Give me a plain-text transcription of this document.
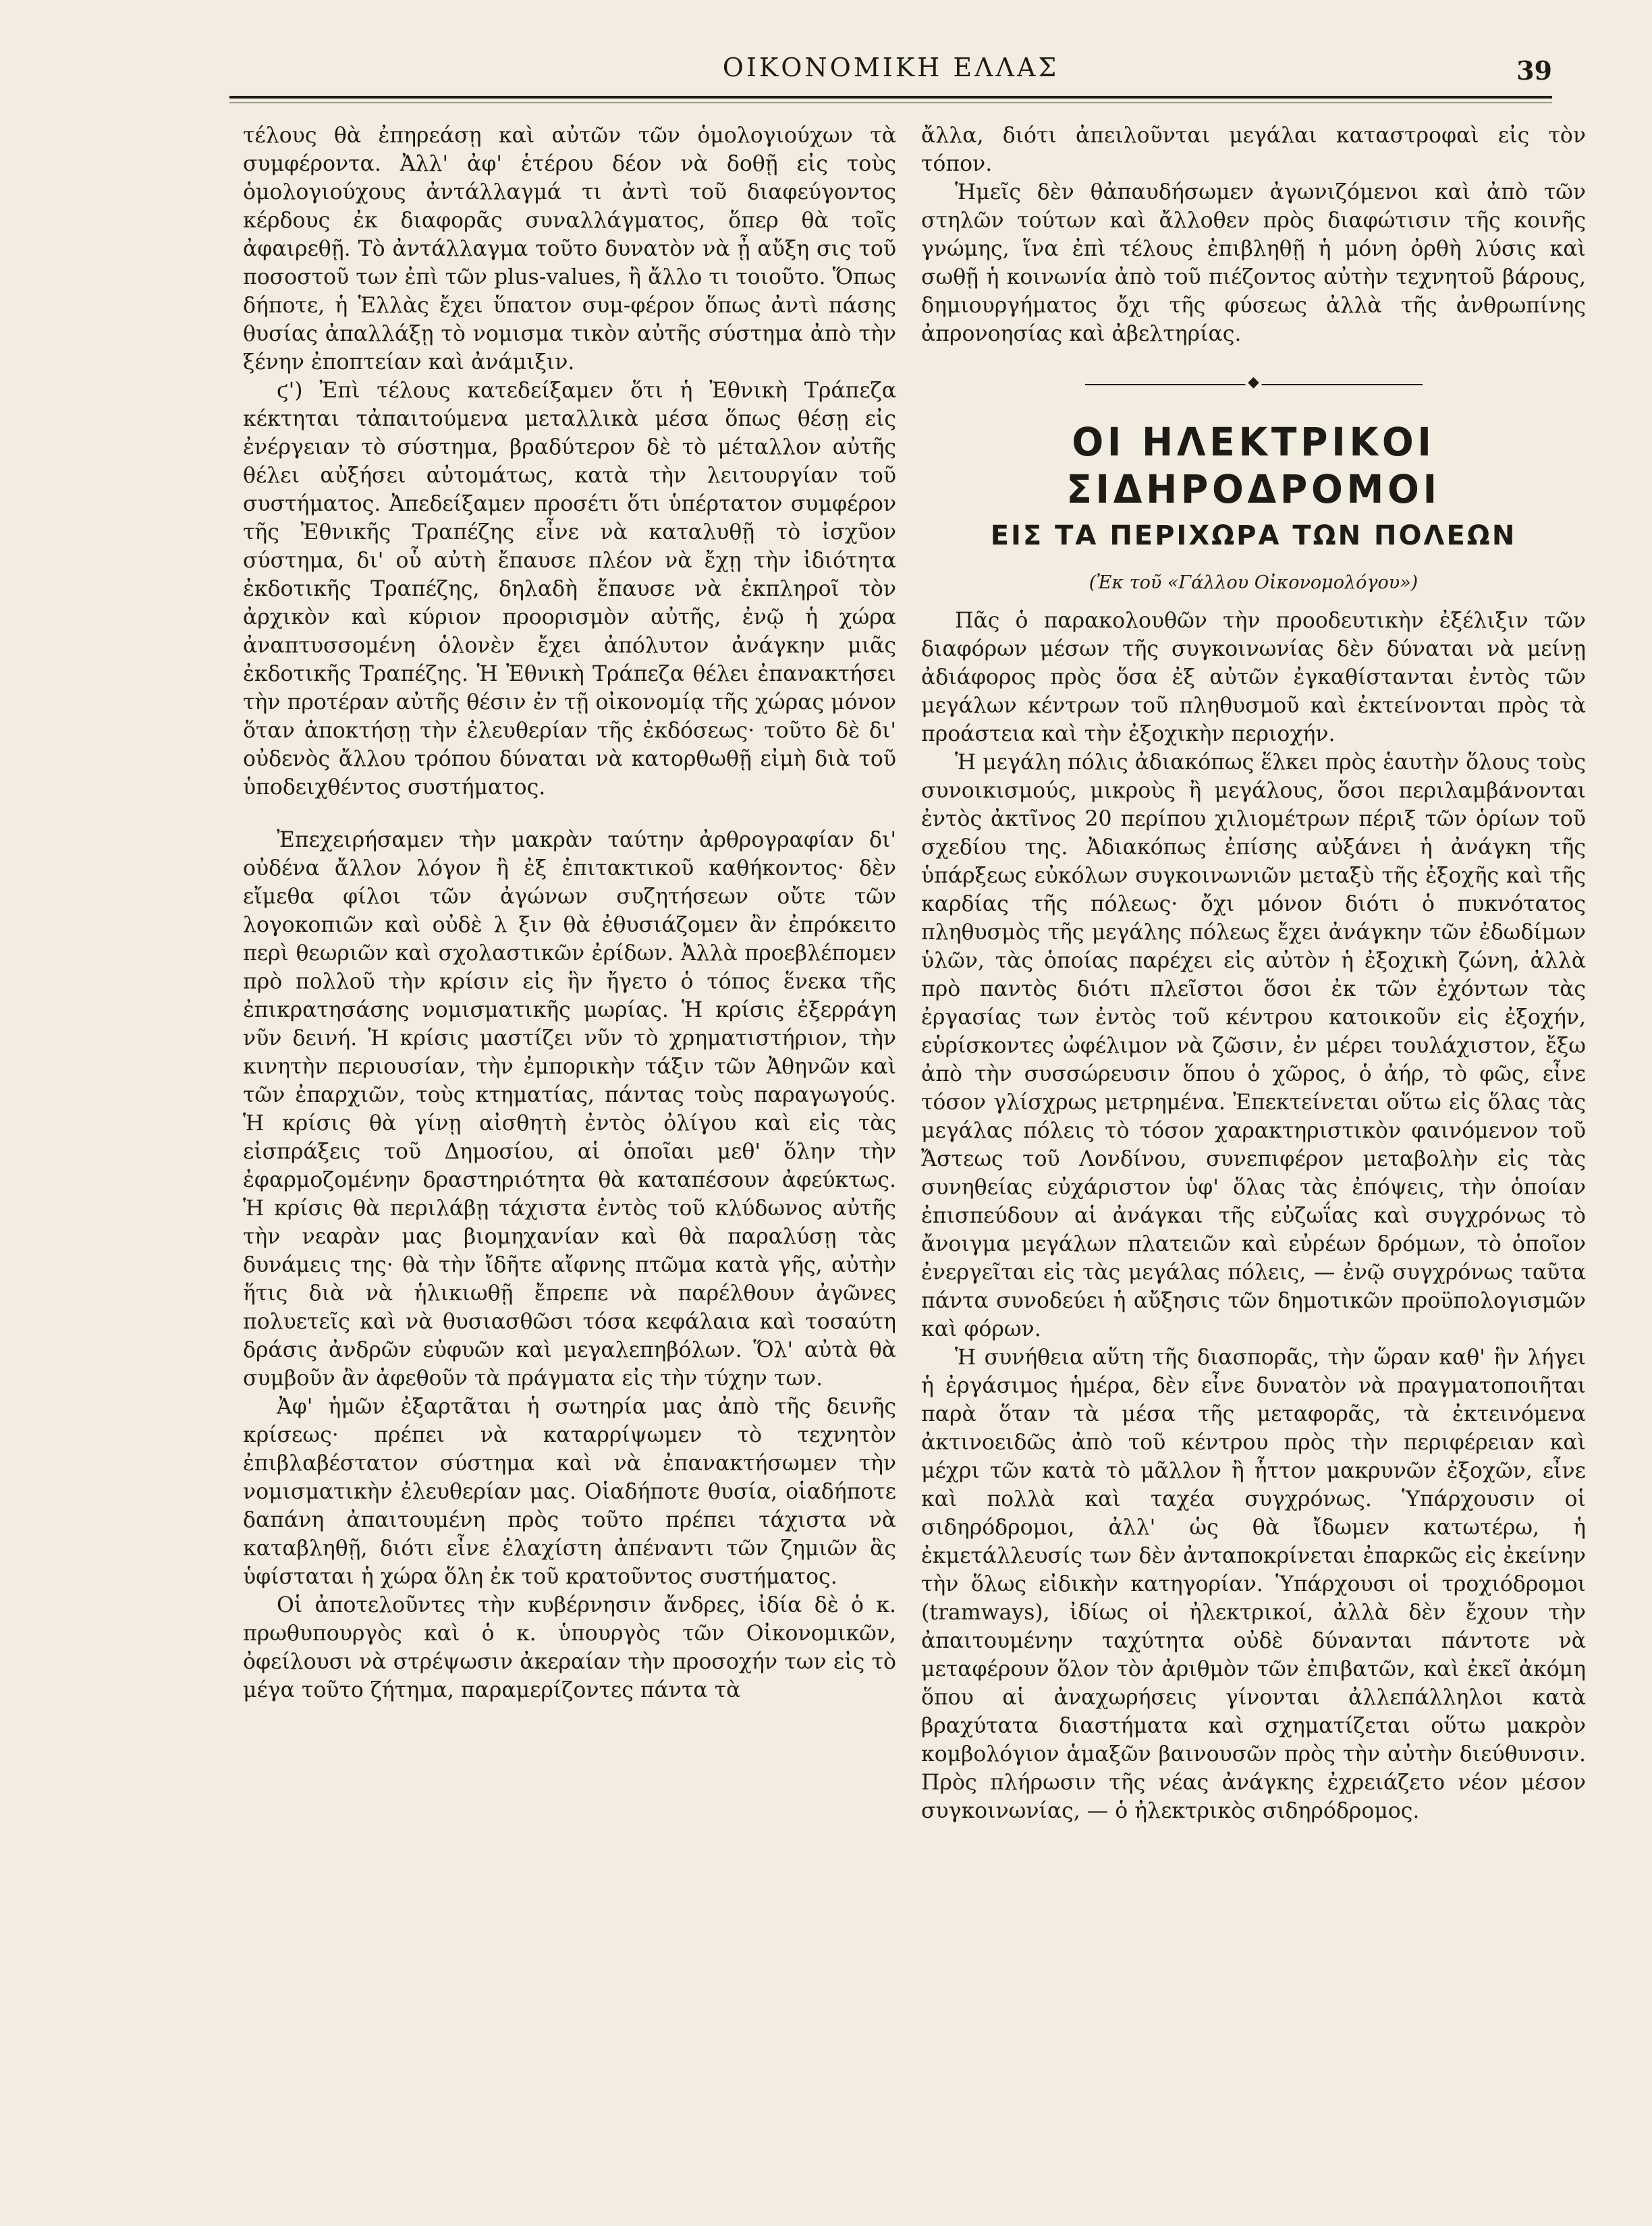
ΟΙΚΟΝΟΜΙΚΗ ΕΛΛΑΣ	39

τέλους θὰ ἐπηρεάσῃ καὶ αὐτῶν τῶν ὁμολογιούχων τὰ συμφέροντα. Ἀλλ' ἀφ' ἑτέρου δέον νὰ δοθῇ εἰς τοὺς ὁμολογιούχους ἀντάλλαγμά τι ἀντὶ τοῦ διαφεύγοντος κέρδους ἐκ διαφορᾶς συναλλάγματος, ὅπερ θὰ τοῖς ἀφαιρεθῇ. Τὸ ἀντάλλαγμα τοῦτο δυνατὸν νὰ ᾖ αὔξη σις τοῦ ποσοστοῦ των ἐπὶ τῶν plus-values, ἢ ἄλλο τι τοιοῦτο. Ὅπως δήποτε, ἡ Ἑλλὰς ἔχει ὕπατον συμ-φέρον ὅπως ἀντὶ πάσης θυσίας ἀπαλλάξῃ τὸ νομισμα τικὸν αὐτῆς σύστημα ἀπὸ τὴν ξένην ἐποπτείαν καὶ ἀνάμιξιν.

ϛ') Ἐπὶ τέλους κατεδείξαμεν ὅτι ἡ Ἐθνικὴ Τράπεζα κέκτηται τἀπαιτούμενα μεταλλικὰ μέσα ὅπως θέσῃ εἰς ἐνέργειαν τὸ σύστημα, βραδύτερον δὲ τὸ μέταλλον αὐτῆς θέλει αὐξήσει αὐτομάτως, κατὰ τὴν λειτουργίαν τοῦ συστήματος. Ἀπεδείξαμεν προσέτι ὅτι ὑπέρτατον συμφέρον τῆς Ἐθνικῆς Τραπέζης εἶνε νὰ καταλυθῇ τὸ ἰσχῦον σύστημα, δι' οὗ αὐτὴ ἔπαυσε πλέον νὰ ἔχῃ τὴν ἰδιότητα ἐκδοτικῆς Τραπέζης, δηλαδὴ ἔπαυσε νὰ ἐκπληροῖ τὸν ἀρχικὸν καὶ κύριον προορισμὸν αὐτῆς, ἐνῷ ἡ χώρα ἀναπτυσσομένη ὁλονὲν ἔχει ἀπόλυτον ἀνάγκην μιᾶς ἐκδοτικῆς Τραπέζης. Ἡ Ἐθνικὴ Τράπεζα θέλει ἐπανακτήσει τὴν προτέραν αὐτῆς θέσιν ἐν τῇ οἰκονομίᾳ τῆς χώρας μόνον ὅταν ἀποκτήσῃ τὴν ἐλευθερίαν τῆς ἐκδόσεως· τοῦτο δὲ δι' οὐδενὸς ἄλλου τρόπου δύναται νὰ κατορθωθῇ εἰμὴ διὰ τοῦ ὑποδειχθέντος συστήματος.

Ἐπεχειρήσαμεν τὴν μακρὰν ταύτην ἀρθρογραφίαν δι' οὐδένα ἄλλον λόγον ἢ ἐξ ἐπιτακτικοῦ καθήκοντος· δὲν εἴμεθα φίλοι τῶν ἀγώνων συζητήσεων οὔτε τῶν λογοκοπιῶν καὶ οὐδὲ λ ξιν θὰ ἐθυσιάζομεν ἂν ἐπρόκειτο περὶ θεωριῶν καὶ σχολαστικῶν ἐρίδων. Ἀλλὰ προεβλέπομεν πρὸ πολλοῦ τὴν κρίσιν εἰς ἣν ἤγετο ὁ τόπος ἕνεκα τῆς ἐπικρατησάσης νομισματικῆς μωρίας. Ἡ κρίσις ἐξερράγη νῦν δεινή. Ἡ κρίσις μαστίζει νῦν τὸ χρηματιστήριον, τὴν κινητὴν περιουσίαν, τὴν ἐμπορικὴν τάξιν τῶν Ἀθηνῶν καὶ τῶν ἐπαρχιῶν, τοὺς κτηματίας, πάντας τοὺς παραγωγούς. Ἡ κρίσις θὰ γίνῃ αἰσθητὴ ἐντὸς ὀλίγου καὶ εἰς τὰς εἰσπράξεις τοῦ Δημοσίου, αἱ ὁποῖαι μεθ' ὅλην τὴν ἐφαρμοζομένην δραστηριότητα θὰ καταπέσουν ἀφεύκτως. Ἡ κρίσις θὰ περιλάβῃ τάχιστα ἐντὸς τοῦ κλύδωνος αὐτῆς τὴν νεαρὰν μας βιομηχανίαν καὶ θὰ παραλύσῃ τὰς δυνάμεις της· θὰ τὴν ἴδῆτε αἴφνης πτῶμα κατὰ γῆς, αὐτὴν ἥτις διὰ νὰ ἡλικιωθῇ ἔπρεπε νὰ παρέλθουν ἀγῶνες πολυετεῖς καὶ νὰ θυσιασθῶσι τόσα κεφάλαια καὶ τοσαύτη δράσις ἀνδρῶν εὐφυῶν καὶ μεγαλεπηβόλων. Ὅλ' αὐτὰ θὰ συμβοῦν ἂν ἀφεθοῦν τὰ πράγματα εἰς τὴν τύχην των.

Ἀφ' ἡμῶν ἐξαρτᾶται ἡ σωτηρία μας ἀπὸ τῆς δεινῆς κρίσεως· πρέπει νὰ καταρρίψωμεν τὸ τεχνητὸν ἐπιβλαβέστατον σύστημα καὶ νὰ ἐπανακτήσωμεν τὴν νομισματικὴν ἐλευθερίαν μας. Οἱαδήποτε θυσία, οἱαδήποτε δαπάνη ἀπαιτουμένη πρὸς τοῦτο πρέπει τάχιστα νὰ καταβληθῇ, διότι εἶνε ἐλαχίστη ἀπέναντι τῶν ζημιῶν ἃς ὑφίσταται ἡ χώρα ὅλη ἐκ τοῦ κρατοῦντος συστήματος.

Οἱ ἀποτελοῦντες τὴν κυβέρνησιν ἄνδρες, ἰδία δὲ ὁ κ. πρωθυπουργὸς καὶ ὁ κ. ὑπουργὸς τῶν Οἰκονομικῶν, ὀφείλουσι νὰ στρέψωσιν ἀκεραίαν τὴν προσοχήν των εἰς τὸ μέγα τοῦτο ζήτημα, παραμερίζοντες πάντα τὰ

ἄλλα, διότι ἀπειλοῦνται μεγάλαι καταστροφαὶ εἰς τὸν τόπον.

Ἡμεῖς δὲν θἀπαυδήσωμεν ἀγωνιζόμενοι καὶ ἀπὸ τῶν στηλῶν τούτων καὶ ἄλλοθεν πρὸς διαφώτισιν τῆς κοινῆς γνώμης, ἵνα ἐπὶ τέλους ἐπιβληθῇ ἡ μόνη ὀρθὴ λύσις καὶ σωθῇ ἡ κοινωνία ἀπὸ τοῦ πιέζοντος αὐτὴν τεχνητοῦ βάρους, δημιουργήματος ὄχι τῆς φύσεως ἀλλὰ τῆς ἀνθρωπίνης ἀπρονοησίας καὶ ἀβελτηρίας.

◆
ΟΙ ΗΛΕΚΤΡΙΚΟΙ ΣΙΔΗΡΟΔΡΟΜΟΙ
ΕΙΣ ΤΑ ΠΕΡΙΧΩΡΑ ΤΩΝ ΠΟΛΕΩΝ
(Ἐκ τοῦ «Γάλλου Οἰκονομολόγου»)

Πᾶς ὁ παρακολουθῶν τὴν προοδευτικὴν ἐξέλιξιν τῶν διαφόρων μέσων τῆς συγκοινωνίας δὲν δύναται νὰ μείνῃ ἀδιάφορος πρὸς ὅσα ἐξ αὐτῶν ἐγκαθίστανται ἐντὸς τῶν μεγάλων κέντρων τοῦ πληθυσμοῦ καὶ ἐκτείνονται πρὸς τὰ προάστεια καὶ τὴν ἐξοχικὴν περιοχήν.

Ἡ μεγάλη πόλις ἀδιακόπως ἕλκει πρὸς ἑαυτὴν ὅλους τοὺς συνοικισμούς, μικροὺς ἢ μεγάλους, ὅσοι περιλαμβάνονται ἐντὸς ἀκτῖνος 20 περίπου χιλιομέτρων πέριξ τῶν ὁρίων τοῦ σχεδίου της. Ἀδιακόπως ἐπίσης αὐξάνει ἡ ἀνάγκη τῆς ὑπάρξεως εὐκόλων συγκοινωνιῶν μεταξὺ τῆς ἐξοχῆς καὶ τῆς καρδίας τῆς πόλεως· ὄχι μόνον διότι ὁ πυκνότατος πληθυσμὸς τῆς μεγάλης πόλεως ἔχει ἀνάγκην τῶν ἐδωδίμων ὑλῶν, τὰς ὁποίας παρέχει εἰς αὐτὸν ἡ ἐξοχικὴ ζώνη, ἀλλὰ πρὸ παντὸς διότι πλεῖστοι ὅσοι ἐκ τῶν ἐχόντων τὰς ἐργασίας των ἐντὸς τοῦ κέντρου κατοικοῦν εἰς ἐξοχήν, εὑρίσκοντες ὠφέλιμον νὰ ζῶσιν, ἐν μέρει τουλάχιστον, ἔξω ἀπὸ τὴν συσσώρευσιν ὅπου ὁ χῶρος, ὁ ἀήρ, τὸ φῶς, εἶνε τόσον γλίσχρως μετρημένα. Ἐπεκτείνεται οὕτω εἰς ὅλας τὰς μεγάλας πόλεις τὸ τόσον χαρακτηριστικὸν φαινόμενον τοῦ Ἄστεως τοῦ Λονδίνου, συνεπιφέρον μεταβολὴν εἰς τὰς συνηθείας εὐχάριστον ὑφ' ὅλας τὰς ἐπόψεις, τὴν ὁποίαν ἐπισπεύδουν αἱ ἀνάγκαι τῆς εὐζωΐας καὶ συγχρόνως τὸ ἄνοιγμα μεγάλων πλατειῶν καὶ εὐρέων δρόμων, τὸ ὁποῖον ἐνεργεῖται εἰς τὰς μεγάλας πόλεις, — ἐνῷ συγχρόνως ταῦτα πάντα συνοδεύει ἡ αὔξησις τῶν δημοτικῶν προϋπολογισμῶν καὶ φόρων.

Ἡ συνήθεια αὕτη τῆς διασπορᾶς, τὴν ὥραν καθ' ἣν λήγει ἡ ἐργάσιμος ἡμέρα, δὲν εἶνε δυνατὸν νὰ πραγματοποιῆται παρὰ ὅταν τὰ μέσα τῆς μεταφορᾶς, τὰ ἐκτεινόμενα ἀκτινοειδῶς ἀπὸ τοῦ κέντρου πρὸς τὴν περιφέρειαν καὶ μέχρι τῶν κατὰ τὸ μᾶλλον ἢ ἧττον μακρυνῶν ἐξοχῶν, εἶνε καὶ πολλὰ καὶ ταχέα συγχρόνως. Ὑπάρχουσιν οἱ σιδηρόδρομοι, ἀλλ' ὡς θὰ ἴδωμεν κατωτέρω, ἡ ἐκμετάλλευσίς των δὲν ἀνταποκρίνεται ἐπαρκῶς εἰς ἐκείνην τὴν ὅλως εἰδικὴν κατηγορίαν. Ὑπάρχουσι οἱ τροχιόδρομοι (tramways), ἰδίως οἱ ἠλεκτρικοί, ἀλλὰ δὲν ἔχουν τὴν ἀπαιτουμένην ταχύτητα οὐδὲ δύνανται πάντοτε νὰ μεταφέρουν ὅλον τὸν ἀριθμὸν τῶν ἐπιβατῶν, καὶ ἐκεῖ ἀκόμη ὅπου αἱ ἀναχωρήσεις γίνονται ἀλλεπάλληλοι κατὰ βραχύτατα διαστήματα καὶ σχηματίζεται οὕτω μακρὸν κομβολόγιον ἁμαξῶν βαινουσῶν πρὸς τὴν αὐτὴν διεύθυνσιν. Πρὸς πλήρωσιν τῆς νέας ἀνάγκης ἐχρειάζετο νέον μέσον συγκοινωνίας, — ὁ ἠλεκτρικὸς σιδηρόδρομος.
